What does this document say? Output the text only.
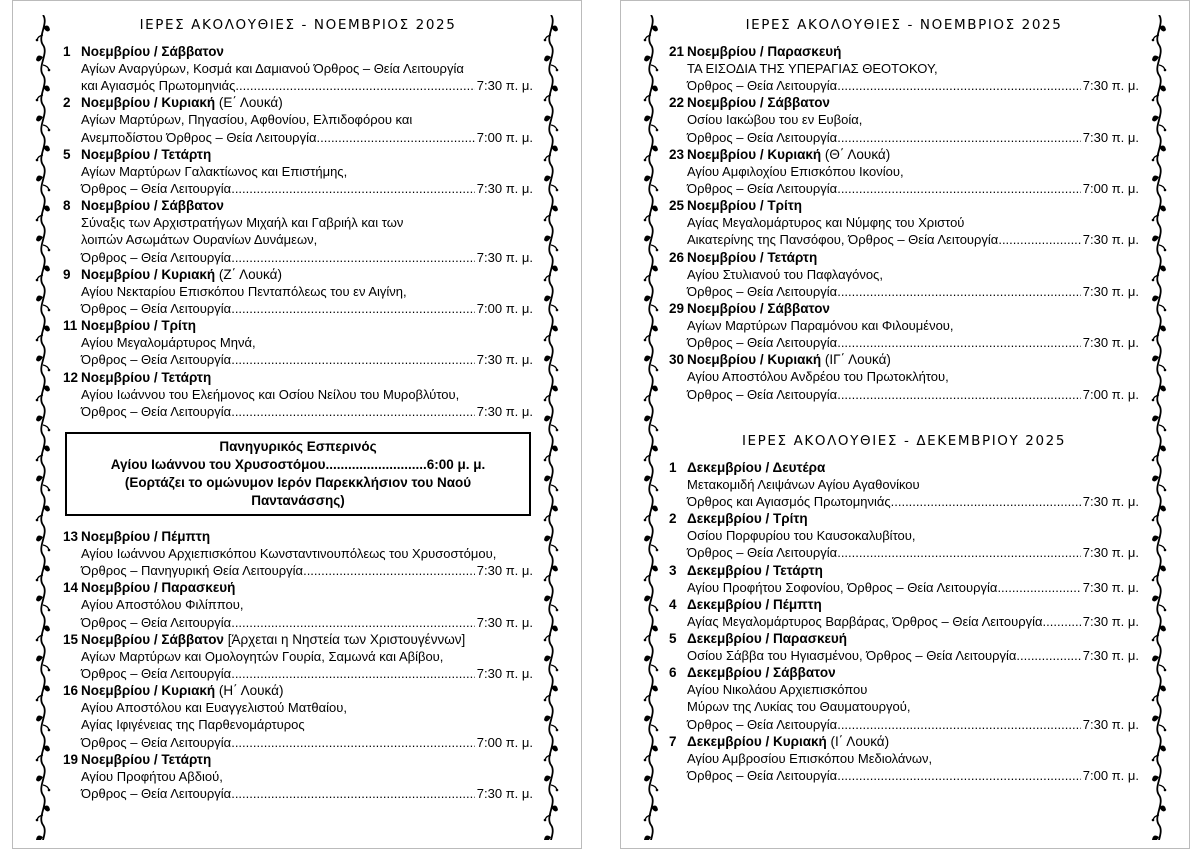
ΙΕΡΕΣ ΑΚΟΛΟΥΘΙΕΣ - ΝΟΕΜΒΡΙΟΣ 2025
1 Νοεμβρίου / Σάββατον
Αγίων Αναργύρων, Κοσμά και Δαμιανού Όρθρος – Θεία Λειτουργία
και Αγιασμός Πρωτομηνιάς .....	7:30 π. μ.
2 Νοεμβρίου / Κυριακή (Ε΄ Λουκά)
Αγίων Μαρτύρων, Πηγασίου, Αφθονίου, Ελπιδοφόρου και
Ανεμποδίστου Όρθρος – Θεία Λειτουργία .....	7:00 π. μ.
5 Νοεμβρίου / Τετάρτη
Αγίων Μαρτύρων Γαλακτίωνος και Επιστήμης,
Όρθρος – Θεία Λειτουργία .....	7:30 π. μ.
8 Νοεμβρίου / Σάββατον
Σύναξις των Αρχιστρατήγων Μιχαήλ και Γαβριήλ και των
λοιπών Ασωμάτων Ουρανίων Δυνάμεων,
Όρθρος – Θεία Λειτουργία .....	7:30 π. μ.
9 Νοεμβρίου / Κυριακή (Ζ΄ Λουκά)
Αγίου Νεκταρίου Επισκόπου Πενταπόλεως του εν Αιγίνη,
Όρθρος – Θεία Λειτουργία .....	7:00 π. μ.
11 Νοεμβρίου / Τρίτη
Αγίου Μεγαλομάρτυρος Μηνά,
Όρθρος – Θεία Λειτουργία .....	7:30 π. μ.
12 Νοεμβρίου / Τετάρτη
Αγίου Ιωάννου του Ελεήμονος και Οσίου Νείλου του Μυροβλύτου,
Όρθρος – Θεία Λειτουργία .....	7:30 π. μ.
Πανηγυρικός Εσπερινός
Αγίου Ιωάννου του Χρυσοστόμου...........................6:00 μ. μ.
(Εορτάζει το ομώνυμον Ιερόν Παρεκκλήσιον του Ναού
Παντανάσσης)
13 Νοεμβρίου / Πέμπτη
Αγίου Ιωάννου Αρχιεπισκόπου Κωνσταντινουπόλεως του Χρυσοστόμου,
Όρθρος – Πανηγυρική Θεία Λειτουργία .....	7:30 π. μ.
14 Νοεμβρίου / Παρασκευή
Αγίου Αποστόλου Φιλίππου,
Όρθρος – Θεία Λειτουργία .....	7:30 π. μ.
15 Νοεμβρίου / Σάββατον [Άρχεται η Νηστεία των Χριστουγέννων]
Αγίων Μαρτύρων και Ομολογητών Γουρία, Σαμωνά και Αβίβου,
Όρθρος – Θεία Λειτουργία .....	7:30 π. μ.
16 Νοεμβρίου / Κυριακή (Η΄ Λουκά)
Αγίου Αποστόλου και Ευαγγελιστού Ματθαίου,
Αγίας Ιφιγένειας της Παρθενομάρτυρος
Όρθρος – Θεία Λειτουργία .....	7:00 π. μ.
19 Νοεμβρίου / Τετάρτη
Αγίου Προφήτου Αβδιού,
Όρθρος – Θεία Λειτουργία .....	7:30 π. μ.
ΙΕΡΕΣ ΑΚΟΛΟΥΘΙΕΣ - ΝΟΕΜΒΡΙΟΣ 2025
21 Νοεμβρίου / Παρασκευή
ΤΑ ΕΙΣΟΔΙΑ ΤΗΣ ΥΠΕΡΑΓΙΑΣ ΘΕΟΤΟΚΟΥ,
Όρθρος – Θεία Λειτουργία .....	7:30 π. μ.
22 Νοεμβρίου / Σάββατον
Οσίου Ιακώβου του εν Ευβοία,
Όρθρος – Θεία Λειτουργία .....	7:30 π. μ.
23 Νοεμβρίου / Κυριακή (Θ΄ Λουκά)
Αγίου Αμφιλοχίου Επισκόπου Ικονίου,
Όρθρος – Θεία Λειτουργία .....	7:00 π. μ.
25 Νοεμβρίου / Τρίτη
Αγίας Μεγαλομάρτυρος και Νύμφης του Χριστού
Αικατερίνης της Πανσόφου, Όρθρος – Θεία Λειτουργία .....	7:30 π. μ.
26 Νοεμβρίου / Τετάρτη
Αγίου Στυλιανού του Παφλαγόνος,
Όρθρος – Θεία Λειτουργία .....	7:30 π. μ.
29 Νοεμβρίου / Σάββατον
Αγίων Μαρτύρων Παραμόνου και Φιλουμένου,
Όρθρος – Θεία Λειτουργία .....	7:30 π. μ.
30 Νοεμβρίου / Κυριακή (ΙΓ΄ Λουκά)
Αγίου Αποστόλου Ανδρέου του Πρωτοκλήτου,
Όρθρος – Θεία Λειτουργία .....	7:00 π. μ.
ΙΕΡΕΣ ΑΚΟΛΟΥΘΙΕΣ - ΔΕΚΕΜΒΡΙΟΥ 2025
1 Δεκεμβρίου / Δευτέρα
Μετακομιδή Λειψάνων Αγίου Αγαθονίκου
Όρθρος και Αγιασμός Πρωτομηνιάς .....	7:30 π. μ.
2 Δεκεμβρίου / Τρίτη
Οσίου Πορφυρίου του Καυσοκαλυβίτου,
Όρθρος – Θεία Λειτουργία .....	7:30 π. μ.
3 Δεκεμβρίου / Τετάρτη
Αγίου Προφήτου Σοφονίου, Όρθρος – Θεία Λειτουργία .....	7:30 π. μ.
4 Δεκεμβρίου / Πέμπτη
Αγίας Μεγαλομάρτυρος Βαρβάρας, Όρθρος – Θεία Λειτουργία .....	7:30 π. μ.
5 Δεκεμβρίου / Παρασκευή
Οσίου Σάββα του Ηγιασμένου, Όρθρος – Θεία Λειτουργία .....	7:30 π. μ.
6 Δεκεμβρίου / Σάββατον
Αγίου Νικολάου Αρχιεπισκόπου
Μύρων της Λυκίας του Θαυματουργού,
Όρθρος – Θεία Λειτουργία .....	7:30 π. μ.
7 Δεκεμβρίου / Κυριακή (Ι΄ Λουκά)
Αγίου Αμβροσίου Επισκόπου Μεδιολάνων,
Όρθρος – Θεία Λειτουργία .....	7:00 π. μ.
